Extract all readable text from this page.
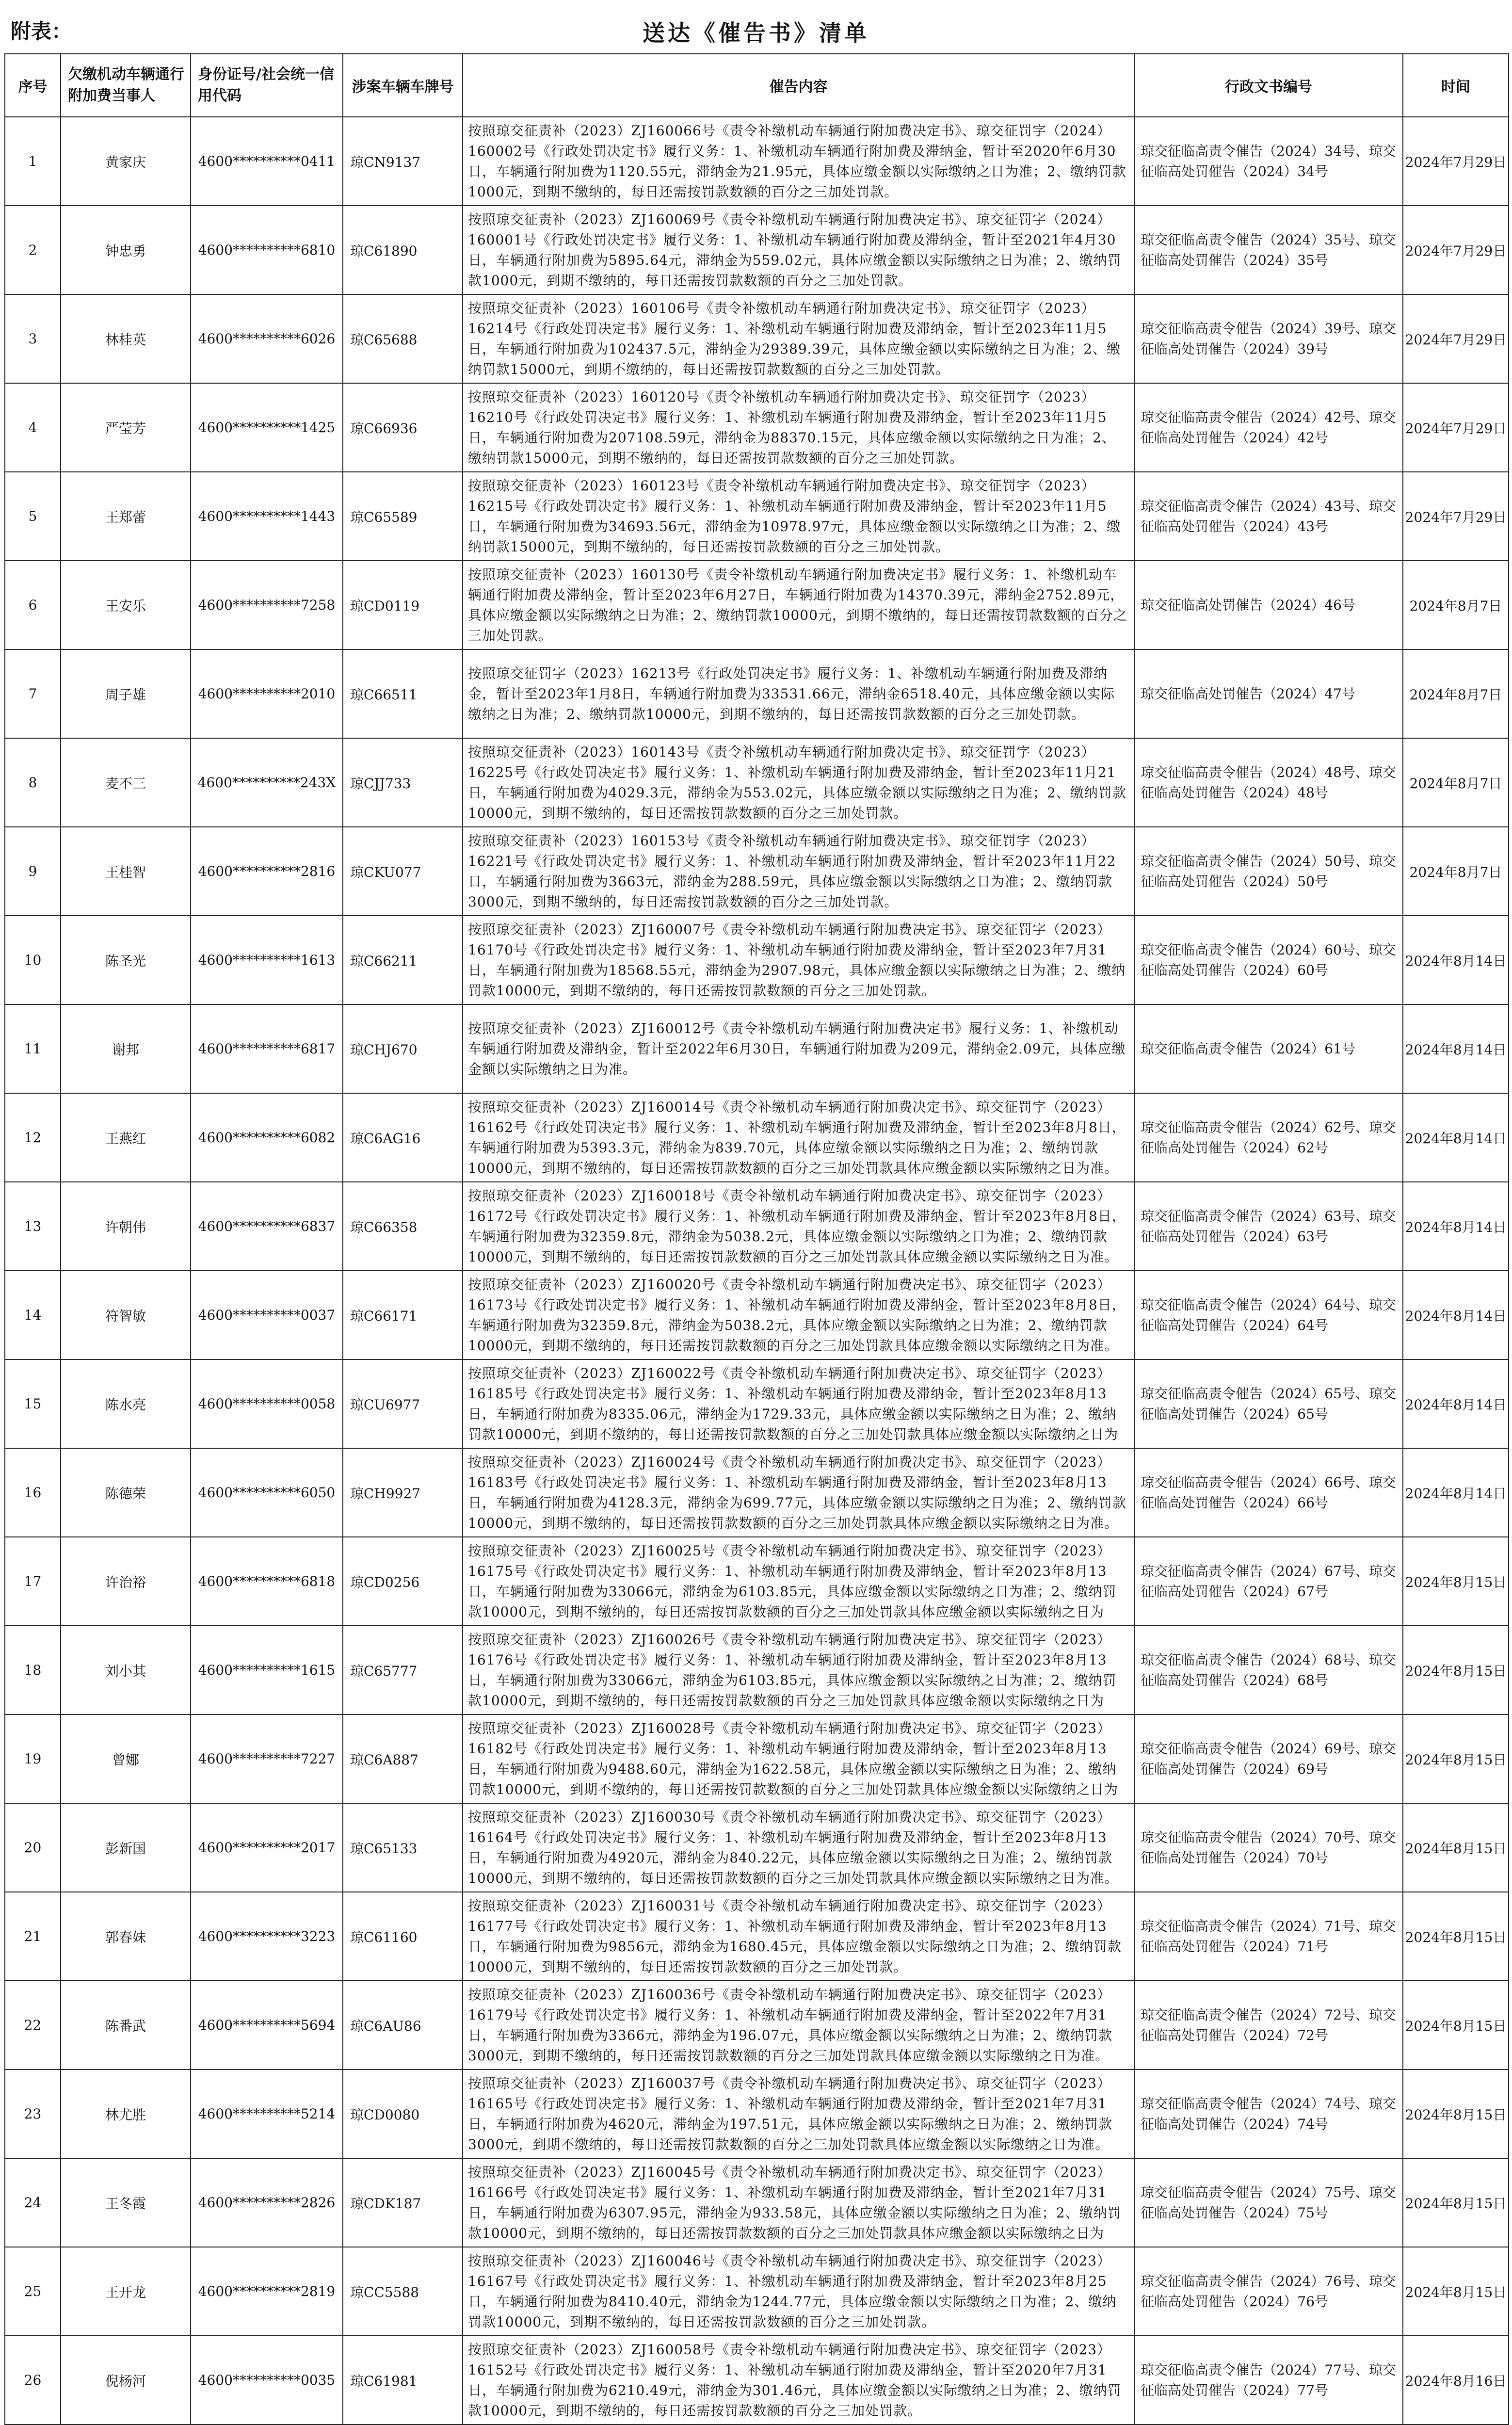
附表：	送达《催告书》清单
序号	欠缴机动车辆通行附加费当事人	身份证号/社会统一信用代码	涉案车辆车牌号	催告内容	行政文书编号	时间
1	黄家庆	4600**********0411	琼CN9137	按照琼交征责补（2023）ZJ160066号《责令补缴机动车辆通行附加费决定书》、琼交征罚字（2024）160002号《行政处罚决定书》履行义务：1、补缴机动车辆通行附加费及滞纳金，暂计至2020年6月30日，车辆通行附加费为1120.55元，滞纳金为21.95元，具体应缴金额以实际缴纳之日为准；2、缴纳罚款1000元，到期不缴纳的，每日还需按罚款数额的百分之三加处罚款。	琼交征临高责令催告（2024）34号、琼交征临高处罚催告（2024）34号	2024年7月29日
2	钟忠勇	4600**********6810	琼C61890	按照琼交征责补（2023）ZJ160069号《责令补缴机动车辆通行附加费决定书》、琼交征罚字（2024）160001号《行政处罚决定书》履行义务：1、补缴机动车辆通行附加费及滞纳金，暂计至2021年4月30日，车辆通行附加费为5895.64元，滞纳金为559.02元，具体应缴金额以实际缴纳之日为准；2、缴纳罚款1000元，到期不缴纳的，每日还需按罚款数额的百分之三加处罚款。	琼交征临高责令催告（2024）35号、琼交征临高处罚催告（2024）35号	2024年7月29日
3	林桂英	4600**********6026	琼C65688	按照琼交征责补（2023）160106号《责令补缴机动车辆通行附加费决定书》、琼交征罚字（2023）16214号《行政处罚决定书》履行义务：1、补缴机动车辆通行附加费及滞纳金，暂计至2023年11月5日，车辆通行附加费为102437.5元，滞纳金为29389.39元，具体应缴金额以实际缴纳之日为准；2、缴纳罚款15000元，到期不缴纳的，每日还需按罚款数额的百分之三加处罚款。	琼交征临高责令催告（2024）39号、琼交征临高处罚催告（2024）39号	2024年7月29日
4	严莹芳	4600**********1425	琼C66936	按照琼交征责补（2023）160120号《责令补缴机动车辆通行附加费决定书》、琼交征罚字（2023）16210号《行政处罚决定书》履行义务：1、补缴机动车辆通行附加费及滞纳金，暂计至2023年11月5日，车辆通行附加费为207108.59元，滞纳金为88370.15元，具体应缴金额以实际缴纳之日为准；2、缴纳罚款15000元，到期不缴纳的，每日还需按罚款数额的百分之三加处罚款。	琼交征临高责令催告（2024）42号、琼交征临高处罚催告（2024）42号	2024年7月29日
5	王郑蕾	4600**********1443	琼C65589	按照琼交征责补（2023）160123号《责令补缴机动车辆通行附加费决定书》、琼交征罚字（2023）16215号《行政处罚决定书》履行义务：1、补缴机动车辆通行附加费及滞纳金，暂计至2023年11月5日，车辆通行附加费为34693.56元，滞纳金为10978.97元，具体应缴金额以实际缴纳之日为准；2、缴纳罚款15000元，到期不缴纳的，每日还需按罚款数额的百分之三加处罚款。	琼交征临高责令催告（2024）43号、琼交征临高处罚催告（2024）43号	2024年7月29日
6	王安乐	4600**********7258	琼CD0119	按照琼交征责补（2023）160130号《责令补缴机动车辆通行附加费决定书》履行义务：1、补缴机动车辆通行附加费及滞纳金，暂计至2023年6月27日，车辆通行附加费为14370.39元，滞纳金2752.89元，具体应缴金额以实际缴纳之日为准；2、缴纳罚款10000元，到期不缴纳的，每日还需按罚款数额的百分之三加处罚款。	琼交征临高处罚催告（2024）46号	2024年8月7日
7	周子雄	4600**********2010	琼C66511	按照琼交征罚字（2023）16213号《行政处罚决定书》履行义务：1、补缴机动车辆通行附加费及滞纳金，暂计至2023年1月8日，车辆通行附加费为33531.66元，滞纳金6518.40元，具体应缴金额以实际缴纳之日为准；2、缴纳罚款10000元，到期不缴纳的，每日还需按罚款数额的百分之三加处罚款。	琼交征临高处罚催告（2024）47号	2024年8月7日
8	麦不三	4600**********243X	琼CJJ733	按照琼交征责补（2023）160143号《责令补缴机动车辆通行附加费决定书》、琼交征罚字（2023）16225号《行政处罚决定书》履行义务：1、补缴机动车辆通行附加费及滞纳金，暂计至2023年11月21日，车辆通行附加费为4029.3元，滞纳金为553.02元，具体应缴金额以实际缴纳之日为准；2、缴纳罚款10000元，到期不缴纳的，每日还需按罚款数额的百分之三加处罚款。	琼交征临高责令催告（2024）48号、琼交征临高处罚催告（2024）48号	2024年8月7日
9	王桂智	4600**********2816	琼CKU077	按照琼交征责补（2023）160153号《责令补缴机动车辆通行附加费决定书》、琼交征罚字（2023）16221号《行政处罚决定书》履行义务：1、补缴机动车辆通行附加费及滞纳金，暂计至2023年11月22日，车辆通行附加费为3663元，滞纳金为288.59元，具体应缴金额以实际缴纳之日为准；2、缴纳罚款3000元，到期不缴纳的，每日还需按罚款数额的百分之三加处罚款。	琼交征临高责令催告（2024）50号、琼交征临高处罚催告（2024）50号	2024年8月7日
10	陈圣光	4600**********1613	琼C66211	按照琼交征责补（2023）ZJ160007号《责令补缴机动车辆通行附加费决定书》、琼交征罚字（2023）16170号《行政处罚决定书》履行义务：1、补缴机动车辆通行附加费及滞纳金，暂计至2023年7月31日，车辆通行附加费为18568.55元，滞纳金为2907.98元，具体应缴金额以实际缴纳之日为准；2、缴纳罚款10000元，到期不缴纳的，每日还需按罚款数额的百分之三加处罚款。	琼交征临高责令催告（2024）60号、琼交征临高处罚催告（2024）60号	2024年8月14日
11	谢邦	4600**********6817	琼CHJ670	按照琼交征责补（2023）ZJ160012号《责令补缴机动车辆通行附加费决定书》履行义务：1、补缴机动车辆通行附加费及滞纳金，暂计至2022年6月30日，车辆通行附加费为209元，滞纳金2.09元，具体应缴金额以实际缴纳之日为准。	琼交征临高责令催告（2024）61号	2024年8月14日
12	王燕红	4600**********6082	琼C6AG16	按照琼交征责补（2023）ZJ160014号《责令补缴机动车辆通行附加费决定书》、琼交征罚字（2023）16162号《行政处罚决定书》履行义务：1、补缴机动车辆通行附加费及滞纳金，暂计至2023年8月8日，车辆通行附加费为5393.3元，滞纳金为839.70元，具体应缴金额以实际缴纳之日为准；2、缴纳罚款10000元，到期不缴纳的，每日还需按罚款数额的百分之三加处罚款具体应缴金额以实际缴纳之日为准。	琼交征临高责令催告（2024）62号、琼交征临高处罚催告（2024）62号	2024年8月14日
13	许朝伟	4600**********6837	琼C66358	按照琼交征责补（2023）ZJ160018号《责令补缴机动车辆通行附加费决定书》、琼交征罚字（2023）16172号《行政处罚决定书》履行义务：1、补缴机动车辆通行附加费及滞纳金，暂计至2023年8月8日，车辆通行附加费为32359.8元，滞纳金为5038.2元，具体应缴金额以实际缴纳之日为准；2、缴纳罚款10000元，到期不缴纳的，每日还需按罚款数额的百分之三加处罚款具体应缴金额以实际缴纳之日为准。	琼交征临高责令催告（2024）63号、琼交征临高处罚催告（2024）63号	2024年8月14日
14	符智敏	4600**********0037	琼C66171	按照琼交征责补（2023）ZJ160020号《责令补缴机动车辆通行附加费决定书》、琼交征罚字（2023）16173号《行政处罚决定书》履行义务：1、补缴机动车辆通行附加费及滞纳金，暂计至2023年8月8日，车辆通行附加费为32359.8元，滞纳金为5038.2元，具体应缴金额以实际缴纳之日为准；2、缴纳罚款10000元，到期不缴纳的，每日还需按罚款数额的百分之三加处罚款具体应缴金额以实际缴纳之日为准。	琼交征临高责令催告（2024）64号、琼交征临高处罚催告（2024）64号	2024年8月14日
15	陈水亮	4600**********0058	琼CU6977	按照琼交征责补（2023）ZJ160022号《责令补缴机动车辆通行附加费决定书》、琼交征罚字（2023）16185号《行政处罚决定书》履行义务：1、补缴机动车辆通行附加费及滞纳金，暂计至2023年8月13日，车辆通行附加费为8335.06元，滞纳金为1729.33元，具体应缴金额以实际缴纳之日为准；2、缴纳罚款10000元，到期不缴纳的，每日还需按罚款数额的百分之三加处罚款具体应缴金额以实际缴纳之日为	琼交征临高责令催告（2024）65号、琼交征临高处罚催告（2024）65号	2024年8月14日
16	陈德荣	4600**********6050	琼CH9927	按照琼交征责补（2023）ZJ160024号《责令补缴机动车辆通行附加费决定书》、琼交征罚字（2023）16183号《行政处罚决定书》履行义务：1、补缴机动车辆通行附加费及滞纳金，暂计至2023年8月13日，车辆通行附加费为4128.3元，滞纳金为699.77元，具体应缴金额以实际缴纳之日为准；2、缴纳罚款10000元，到期不缴纳的，每日还需按罚款数额的百分之三加处罚款具体应缴金额以实际缴纳之日为准。	琼交征临高责令催告（2024）66号、琼交征临高处罚催告（2024）66号	2024年8月14日
17	许治裕	4600**********6818	琼CD0256	按照琼交征责补（2023）ZJ160025号《责令补缴机动车辆通行附加费决定书》、琼交征罚字（2023）16175号《行政处罚决定书》履行义务：1、补缴机动车辆通行附加费及滞纳金，暂计至2023年8月13日，车辆通行附加费为33066元，滞纳金为6103.85元，具体应缴金额以实际缴纳之日为准；2、缴纳罚款10000元，到期不缴纳的，每日还需按罚款数额的百分之三加处罚款具体应缴金额以实际缴纳之日为	琼交征临高责令催告（2024）67号、琼交征临高处罚催告（2024）67号	2024年8月15日
18	刘小其	4600**********1615	琼C65777	按照琼交征责补（2023）ZJ160026号《责令补缴机动车辆通行附加费决定书》、琼交征罚字（2023）16176号《行政处罚决定书》履行义务：1、补缴机动车辆通行附加费及滞纳金，暂计至2023年8月13日，车辆通行附加费为33066元，滞纳金为6103.85元，具体应缴金额以实际缴纳之日为准；2、缴纳罚款10000元，到期不缴纳的，每日还需按罚款数额的百分之三加处罚款具体应缴金额以实际缴纳之日为	琼交征临高责令催告（2024）68号、琼交征临高处罚催告（2024）68号	2024年8月15日
19	曾娜	4600**********7227	琼C6A887	按照琼交征责补（2023）ZJ160028号《责令补缴机动车辆通行附加费决定书》、琼交征罚字（2023）16182号《行政处罚决定书》履行义务：1、补缴机动车辆通行附加费及滞纳金，暂计至2023年8月13日，车辆通行附加费为9488.60元，滞纳金为1622.58元，具体应缴金额以实际缴纳之日为准；2、缴纳罚款10000元，到期不缴纳的，每日还需按罚款数额的百分之三加处罚款具体应缴金额以实际缴纳之日为	琼交征临高责令催告（2024）69号、琼交征临高处罚催告（2024）69号	2024年8月15日
20	彭新国	4600**********2017	琼C65133	按照琼交征责补（2023）ZJ160030号《责令补缴机动车辆通行附加费决定书》、琼交征罚字（2023）16164号《行政处罚决定书》履行义务：1、补缴机动车辆通行附加费及滞纳金，暂计至2023年8月13日，车辆通行附加费为4920元，滞纳金为840.22元，具体应缴金额以实际缴纳之日为准；2、缴纳罚款10000元，到期不缴纳的，每日还需按罚款数额的百分之三加处罚款具体应缴金额以实际缴纳之日为准。	琼交征临高责令催告（2024）70号、琼交征临高处罚催告（2024）70号	2024年8月15日
21	郭春妹	4600**********3223	琼C61160	按照琼交征责补（2023）ZJ160031号《责令补缴机动车辆通行附加费决定书》、琼交征罚字（2023）16177号《行政处罚决定书》履行义务：1、补缴机动车辆通行附加费及滞纳金，暂计至2023年8月13日，车辆通行附加费为9856元，滞纳金为1680.45元，具体应缴金额以实际缴纳之日为准；2、缴纳罚款10000元，到期不缴纳的，每日还需按罚款数额的百分之三加处罚款。	琼交征临高责令催告（2024）71号、琼交征临高处罚催告（2024）71号	2024年8月15日
22	陈番武	4600**********5694	琼C6AU86	按照琼交征责补（2023）ZJ160036号《责令补缴机动车辆通行附加费决定书》、琼交征罚字（2023）16179号《行政处罚决定书》履行义务：1、补缴机动车辆通行附加费及滞纳金，暂计至2022年7月31日，车辆通行附加费为3366元，滞纳金为196.07元，具体应缴金额以实际缴纳之日为准；2、缴纳罚款3000元，到期不缴纳的，每日还需按罚款数额的百分之三加处罚款具体应缴金额以实际缴纳之日为准。	琼交征临高责令催告（2024）72号、琼交征临高处罚催告（2024）72号	2024年8月15日
23	林尤胜	4600**********5214	琼CD0080	按照琼交征责补（2023）ZJ160037号《责令补缴机动车辆通行附加费决定书》、琼交征罚字（2023）16165号《行政处罚决定书》履行义务：1、补缴机动车辆通行附加费及滞纳金，暂计至2021年7月31日，车辆通行附加费为4620元，滞纳金为197.51元，具体应缴金额以实际缴纳之日为准；2、缴纳罚款3000元，到期不缴纳的，每日还需按罚款数额的百分之三加处罚款具体应缴金额以实际缴纳之日为准。	琼交征临高责令催告（2024）74号、琼交征临高处罚催告（2024）74号	2024年8月15日
24	王冬霞	4600**********2826	琼CDK187	按照琼交征责补（2023）ZJ160045号《责令补缴机动车辆通行附加费决定书》、琼交征罚字（2023）16166号《行政处罚决定书》履行义务：1、补缴机动车辆通行附加费及滞纳金，暂计至2021年7月31日，车辆通行附加费为6307.95元，滞纳金为933.58元，具体应缴金额以实际缴纳之日为准；2、缴纳罚款10000元，到期不缴纳的，每日还需按罚款数额的百分之三加处罚款具体应缴金额以实际缴纳之日为	琼交征临高责令催告（2024）75号、琼交征临高处罚催告（2024）75号	2024年8月15日
25	王开龙	4600**********2819	琼CC5588	按照琼交征责补（2023）ZJ160046号《责令补缴机动车辆通行附加费决定书》、琼交征罚字（2023）16167号《行政处罚决定书》履行义务：1、补缴机动车辆通行附加费及滞纳金，暂计至2023年8月25日，车辆通行附加费为8410.40元，滞纳金为1244.77元，具体应缴金额以实际缴纳之日为准；2、缴纳罚款10000元，到期不缴纳的，每日还需按罚款数额的百分之三加处罚款。	琼交征临高责令催告（2024）76号、琼交征临高处罚催告（2024）76号	2024年8月15日
26	倪杨河	4600**********0035	琼C61981	按照琼交征责补（2023）ZJ160058号《责令补缴机动车辆通行附加费决定书》、琼交征罚字（2023）16152号《行政处罚决定书》履行义务：1、补缴机动车辆通行附加费及滞纳金，暂计至2020年7月31日，车辆通行附加费为6210.49元，滞纳金为301.46元，具体应缴金额以实际缴纳之日为准；2、缴纳罚款10000元，到期不缴纳的，每日还需按罚款数额的百分之三加处罚款。	琼交征临高责令催告（2024）77号、琼交征临高处罚催告（2024）77号	2024年8月16日
